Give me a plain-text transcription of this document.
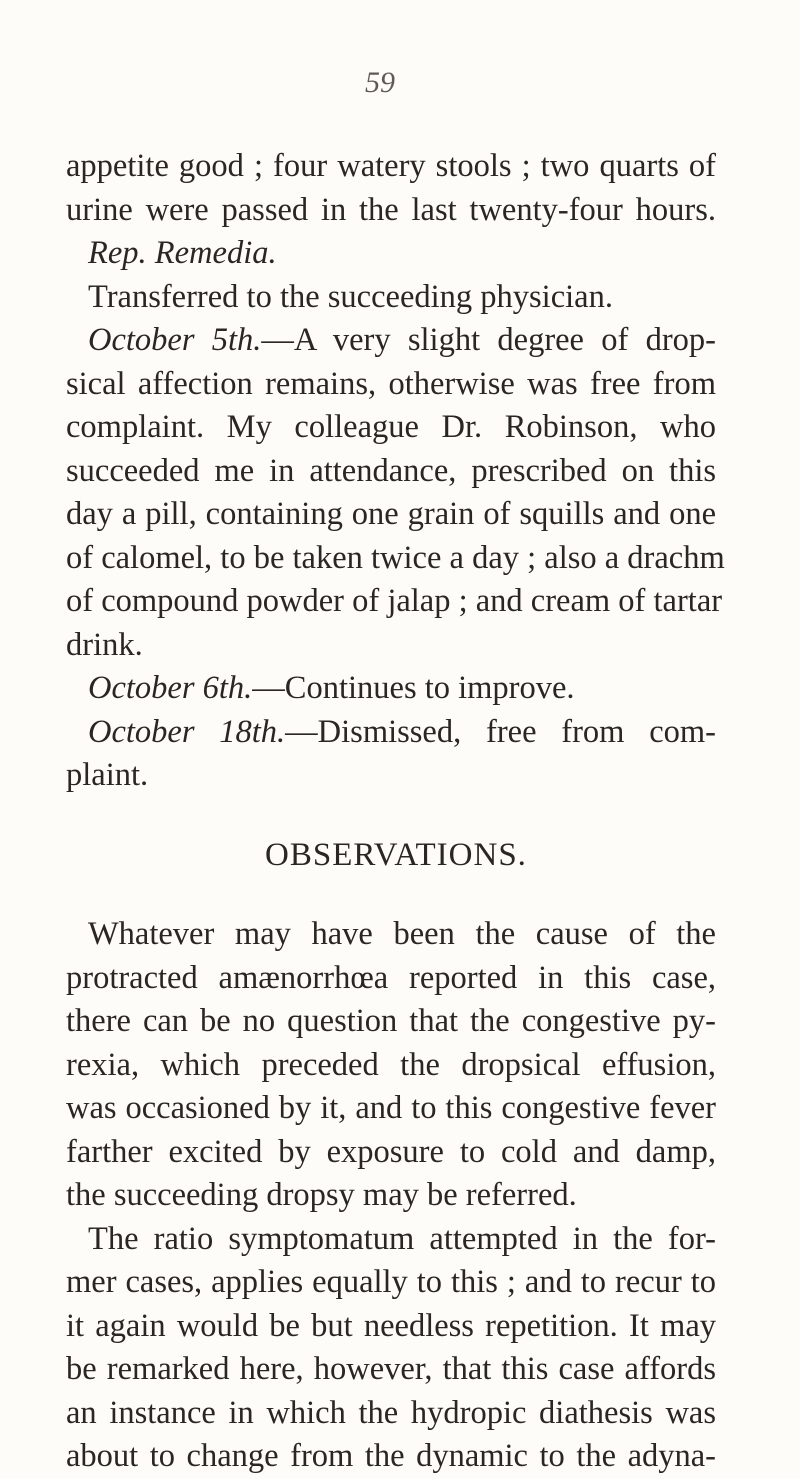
59
appetite good ; four watery stools ; two quarts of
urine were passed in the last twenty-four hours.
Rep. Remedia.
Transferred to the succeeding physician.
October 5th.—A very slight degree of drop-
sical affection remains, otherwise was free from
complaint. My colleague Dr. Robinson, who
succeeded me in attendance, prescribed on this
day a pill, containing one grain of squills and one
of calomel, to be taken twice a day ; also a drachm
of compound powder of jalap ; and cream of tartar
drink.
October 6th.—Continues to improve.
October 18th.—Dismissed, free from com-
plaint.
OBSERVATIONS.
Whatever may have been the cause of the
protracted amænorrhœa reported in this case,
there can be no question that the congestive py-
rexia, which preceded the dropsical effusion,
was occasioned by it, and to this congestive fever
farther excited by exposure to cold and damp,
the succeeding dropsy may be referred.
The ratio symptomatum attempted in the for-
mer cases, applies equally to this ; and to recur to
it again would be but needless repetition. It may
be remarked here, however, that this case affords
an instance in which the hydropic diathesis was
about to change from the dynamic to the adyna-
